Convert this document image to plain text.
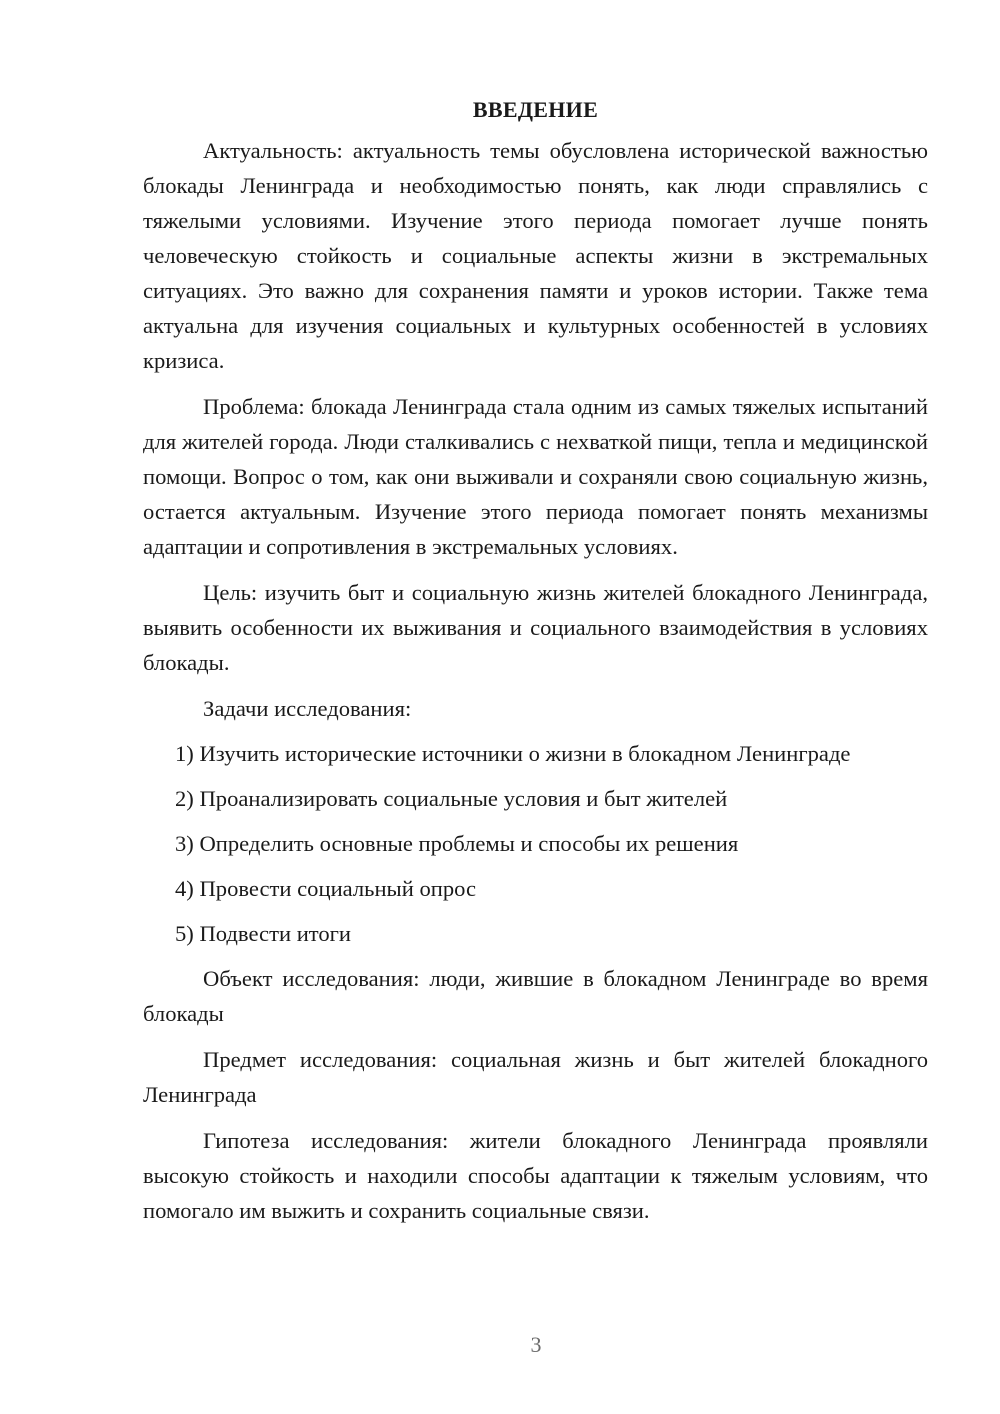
ВВЕДЕНИЕ

Актуальность: актуальность темы обусловлена исторической важностью блокады Ленинграда и необходимостью понять, как люди справлялись с тяжелыми условиями. Изучение этого периода помогает лучше понять человеческую стойкость и социальные аспекты жизни в экстремальных ситуациях. Это важно для сохранения памяти и уроков истории. Также тема актуальна для изучения социальных и культурных особенностей в условиях кризиса.

Проблема: блокада Ленинграда стала одним из самых тяжелых испытаний для жителей города. Люди сталкивались с нехваткой пищи, тепла и медицинской помощи. Вопрос о том, как они выживали и сохраняли свою социальную жизнь, остается актуальным. Изучение этого периода помогает понять механизмы адаптации и сопротивления в экстремальных условиях.

Цель: изучить быт и социальную жизнь жителей блокадного Ленинграда, выявить особенности их выживания и социального взаимодействия в условиях блокады.

Задачи исследования:

1) Изучить исторические источники о жизни в блокадном Ленинграде
2) Проанализировать социальные условия и быт жителей
3) Определить основные проблемы и способы их решения
4) Провести социальный опрос
5) Подвести итоги

Объект исследования: люди, жившие в блокадном Ленинграде во время блокады

Предмет исследования: социальная жизнь и быт жителей блокадного Ленинграда

Гипотеза исследования: жители блокадного Ленинграда проявляли высокую стойкость и находили способы адаптации к тяжелым условиям, что помогало им выжить и сохранить социальные связи.

3
